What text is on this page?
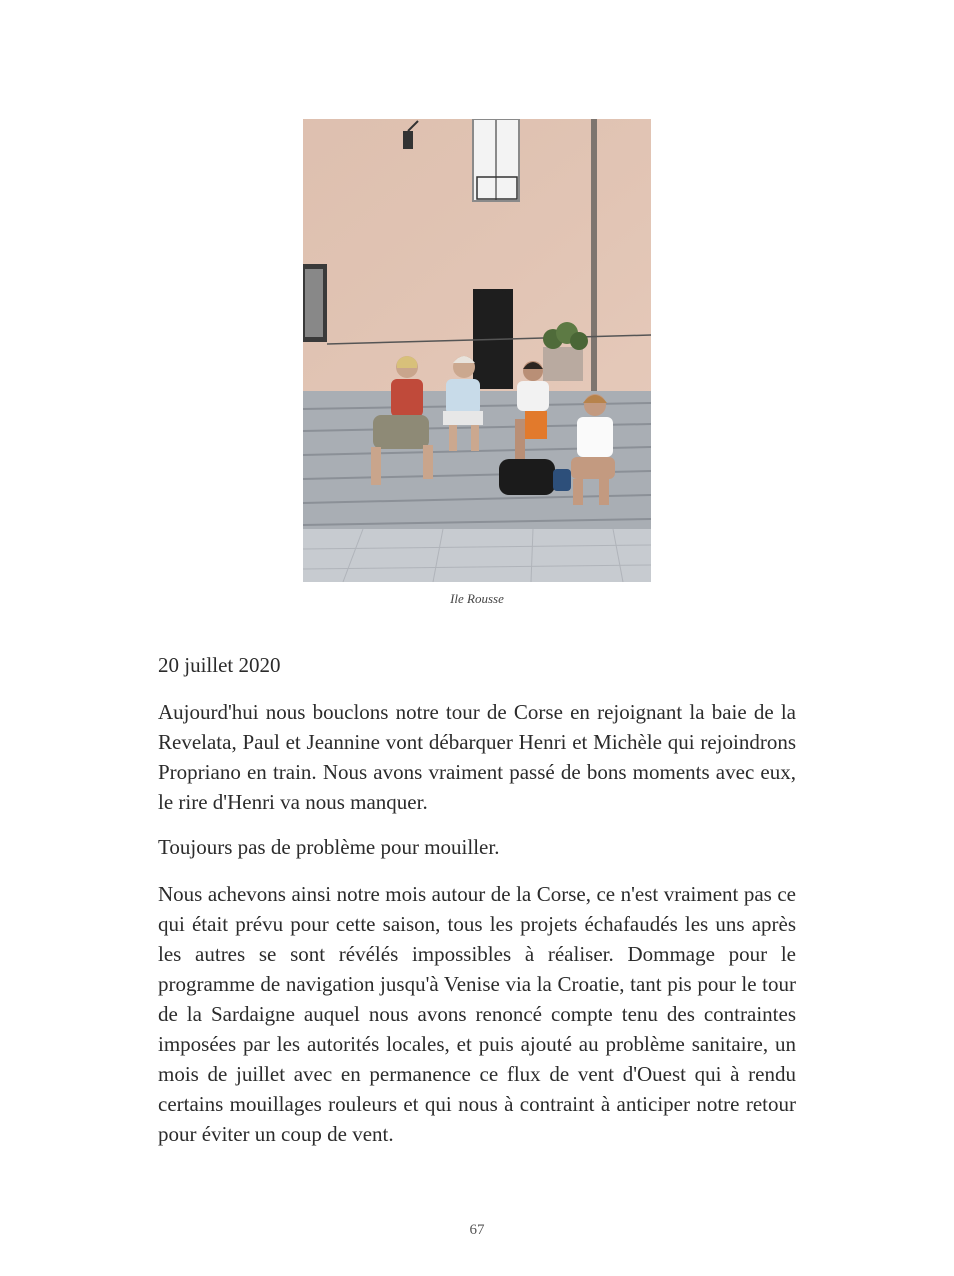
Ile Rousse
20 juillet 2020
Aujourd'hui nous bouclons notre tour de Corse en rejoignant la baie de la Revelata, Paul et Jeannine vont débarquer Henri et Michèle qui rejoindrons Propriano en train. Nous avons vraiment passé de bons moments avec eux, le rire d'Henri va nous manquer.
Toujours pas de problème pour mouiller.
Nous achevons ainsi notre mois autour de la Corse, ce n'est vraiment pas ce qui était prévu pour cette saison, tous les projets échafaudés les uns après les autres se sont révélés impossibles à réaliser. Dommage pour le programme de navigation jusqu'à Venise via la Croatie, tant pis pour le tour de la Sardaigne auquel nous avons renoncé compte tenu des contraintes imposées par les autorités locales, et puis ajouté au problème sanitaire, un mois de juillet avec en permanence ce flux de vent d'Ouest qui à rendu certains mouillages rouleurs et qui nous à contraint à anticiper notre retour pour éviter un coup de vent.
67
